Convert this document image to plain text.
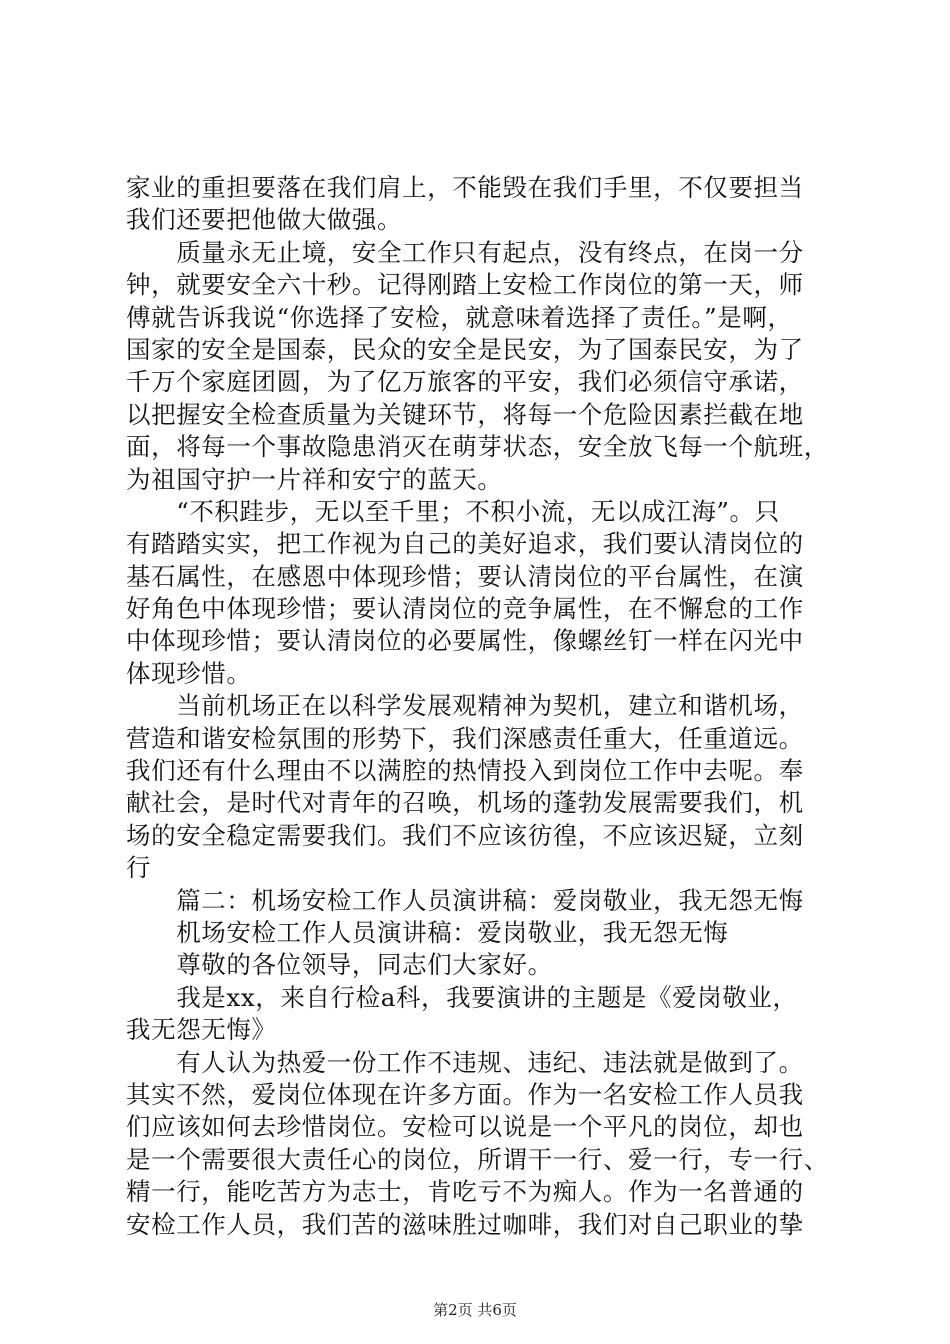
家业的重担要落在我们肩上，不能毁在我们手里，不仅要担当
我们还要把他做大做强。
　　质量永无止境，安全工作只有起点，没有终点，在岗一分
钟，就要安全六十秒。记得刚踏上安检工作岗位的第一天，师
傅就告诉我说“你选择了安检，就意味着选择了责任。”是啊，
国家的安全是国泰，民众的安全是民安，为了国泰民安，为了
千万个家庭团圆，为了亿万旅客的平安，我们必须信守承诺，
以把握安全检查质量为关键环节，将每一个危险因素拦截在地
面，将每一个事故隐患消灭在萌芽状态，安全放飞每一个航班，
为祖国守护一片祥和安宁的蓝天。
　　“不积跬步，无以至千里；不积小流，无以成江海”。只
有踏踏实实，把工作视为自己的美好追求，我们要认清岗位的
基石属性，在感恩中体现珍惜；要认清岗位的平台属性，在演
好角色中体现珍惜；要认清岗位的竞争属性，在不懈怠的工作
中体现珍惜；要认清岗位的必要属性，像螺丝钉一样在闪光中
体现珍惜。
　　当前机场正在以科学发展观精神为契机，建立和谐机场，
营造和谐安检氛围的形势下，我们深感责任重大，任重道远。
我们还有什么理由不以满腔的热情投入到岗位工作中去呢。奉
献社会，是时代对青年的召唤，机场的蓬勃发展需要我们，机
场的安全稳定需要我们。我们不应该彷徨，不应该迟疑，立刻
行
　　篇二：机场安检工作人员演讲稿：爱岗敬业，我无怨无悔
　　机场安检工作人员演讲稿：爱岗敬业，我无怨无悔
　　尊敬的各位领导，同志们大家好。
　　我是xx，来自行检a科，我要演讲的主题是《爱岗敬业，
我无怨无悔》
　　有人认为热爱一份工作不违规、违纪、违法就是做到了。
其实不然，爱岗位体现在许多方面。作为一名安检工作人员我
们应该如何去珍惜岗位。安检可以说是一个平凡的岗位，却也
是一个需要很大责任心的岗位，所谓干一行、爱一行，专一行、
精一行，能吃苦方为志士，肯吃亏不为痴人。作为一名普通的
安检工作人员，我们苦的滋味胜过咖啡，我们对自己职业的挚
第2页 共6页
